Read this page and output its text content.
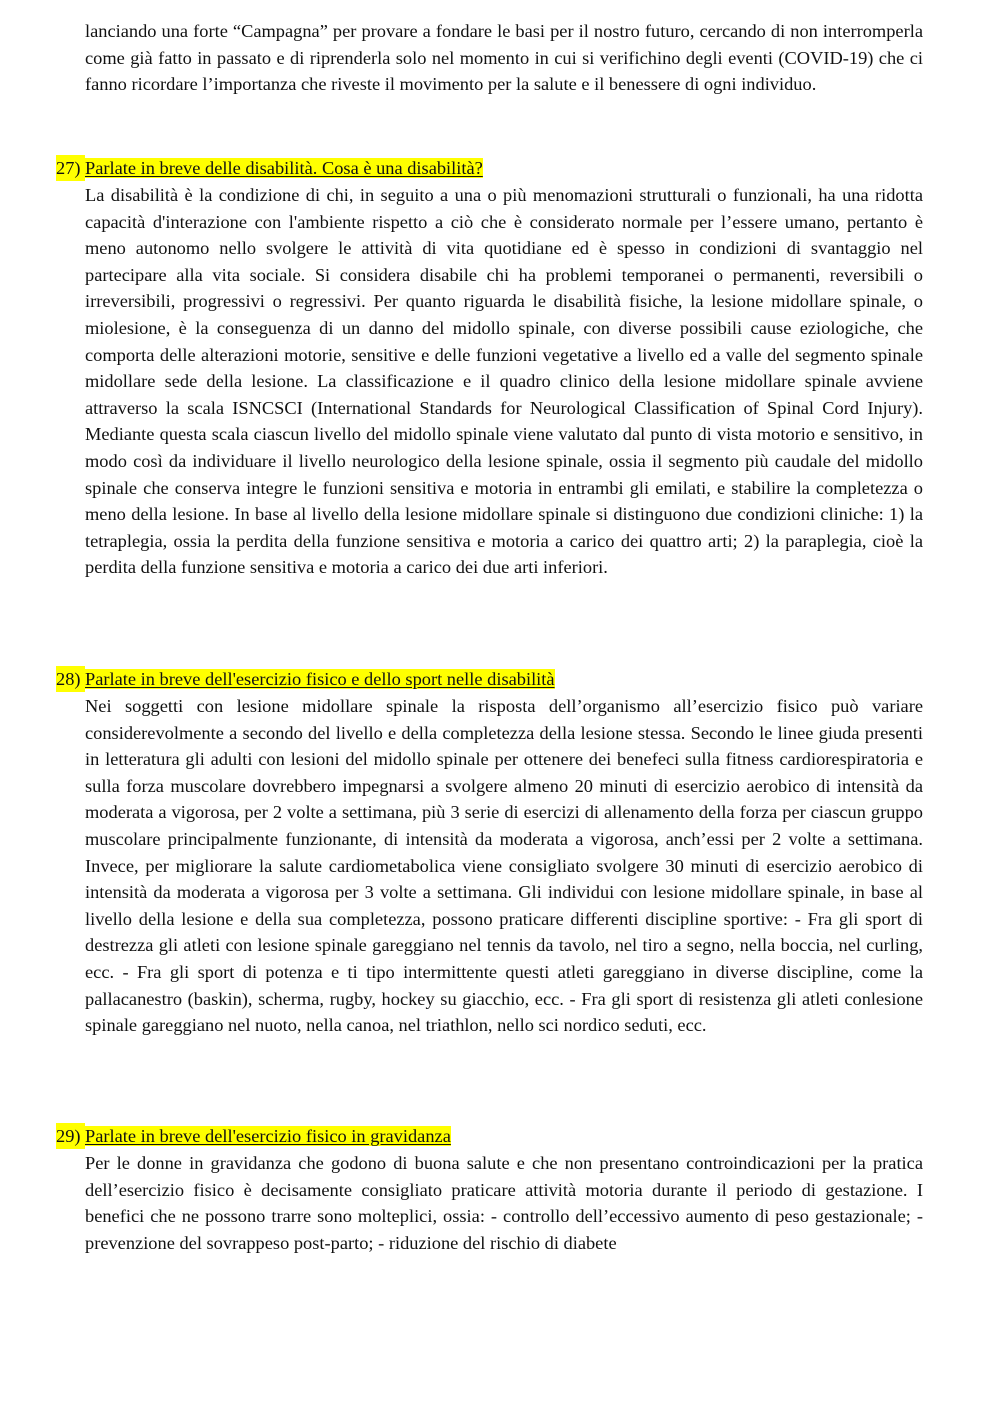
lanciando una forte “Campagna” per provare a fondare le basi per il nostro futuro, cercando di non interromperla come già fatto in passato e di riprenderla solo nel momento in cui si verifichino degli eventi (COVID-19) che ci fanno ricordare l’importanza che riveste il movimento per la salute e il benessere di ogni individuo.

27) Parlate in breve delle disabilità. Cosa è una disabilità?

La disabilità è la condizione di chi, in seguito a una o più menomazioni strutturali o funzionali, ha una ridotta capacità d'interazione con l'ambiente rispetto a ciò che è considerato normale per l’essere umano, pertanto è meno autonomo nello svolgere le attività di vita quotidiane ed è spesso in condizioni di svantaggio nel partecipare alla vita sociale. Si considera disabile chi ha problemi temporanei o permanenti, reversibili o irreversibili, progressivi o regressivi. Per quanto riguarda le disabilità fisiche, la lesione midollare spinale, o miolesione, è la conseguenza di un danno del midollo spinale, con diverse possibili cause eziologiche, che comporta delle alterazioni motorie, sensitive e delle funzioni vegetative a livello ed a valle del segmento spinale midollare sede della lesione. La classificazione e il quadro clinico della lesione midollare spinale avviene attraverso la scala ISNCSCI (International Standards for Neurological Classification of Spinal Cord Injury). Mediante questa scala ciascun livello del midollo spinale viene valutato dal punto di vista motorio e sensitivo, in modo così da individuare il livello neurologico della lesione spinale, ossia il segmento più caudale del midollo spinale che conserva integre le funzioni sensitiva e motoria in entrambi gli emilati, e stabilire la completezza o meno della lesione. In base al livello della lesione midollare spinale si distinguono due condizioni cliniche: 1) la tetraplegia, ossia la perdita della funzione sensitiva e motoria a carico dei quattro arti; 2) la paraplegia, cioè la perdita della funzione sensitiva e motoria a carico dei due arti inferiori.

28) Parlate in breve dell'esercizio fisico e dello sport nelle disabilità

Nei soggetti con lesione midollare spinale la risposta dell’organismo all’esercizio fisico può variare considerevolmente a secondo del livello e della completezza della lesione stessa. Secondo le linee giuda presenti in letteratura gli adulti con lesioni del midollo spinale per ottenere dei benefeci sulla fitness cardiorespiratoria e sulla forza muscolare dovrebbero impegnarsi a svolgere almeno 20 minuti di esercizio aerobico di intensità da moderata a vigorosa, per 2 volte a settimana, più 3 serie di esercizi di allenamento della forza per ciascun gruppo muscolare principalmente funzionante, di intensità da moderata a vigorosa, anch’essi per 2 volte a settimana. Invece, per migliorare la salute cardiometabolica viene consigliato svolgere 30 minuti di esercizio aerobico di intensità da moderata a vigorosa per 3 volte a settimana. Gli individui con lesione midollare spinale, in base al livello della lesione e della sua completezza, possono praticare differenti discipline sportive: - Fra gli sport di destrezza gli atleti con lesione spinale gareggiano nel tennis da tavolo, nel tiro a segno, nella boccia, nel curling, ecc. - Fra gli sport di potenza e ti tipo intermittente questi atleti gareggiano in diverse discipline, come la pallacanestro (baskin), scherma, rugby, hockey su giacchio, ecc. - Fra gli sport di resistenza gli atleti conlesione spinale gareggiano nel nuoto, nella canoa, nel triathlon, nello sci nordico seduti, ecc.

29) Parlate in breve dell'esercizio fisico in gravidanza

Per le donne in gravidanza che godono di buona salute e che non presentano controindicazioni per la pratica dell’esercizio fisico è decisamente consigliato praticare attività motoria durante il periodo di gestazione. I benefici che ne possono trarre sono molteplici, ossia: - controllo dell’eccessivo aumento di peso gestazionale; - prevenzione del sovrappeso post-parto; - riduzione del rischio di diabete
